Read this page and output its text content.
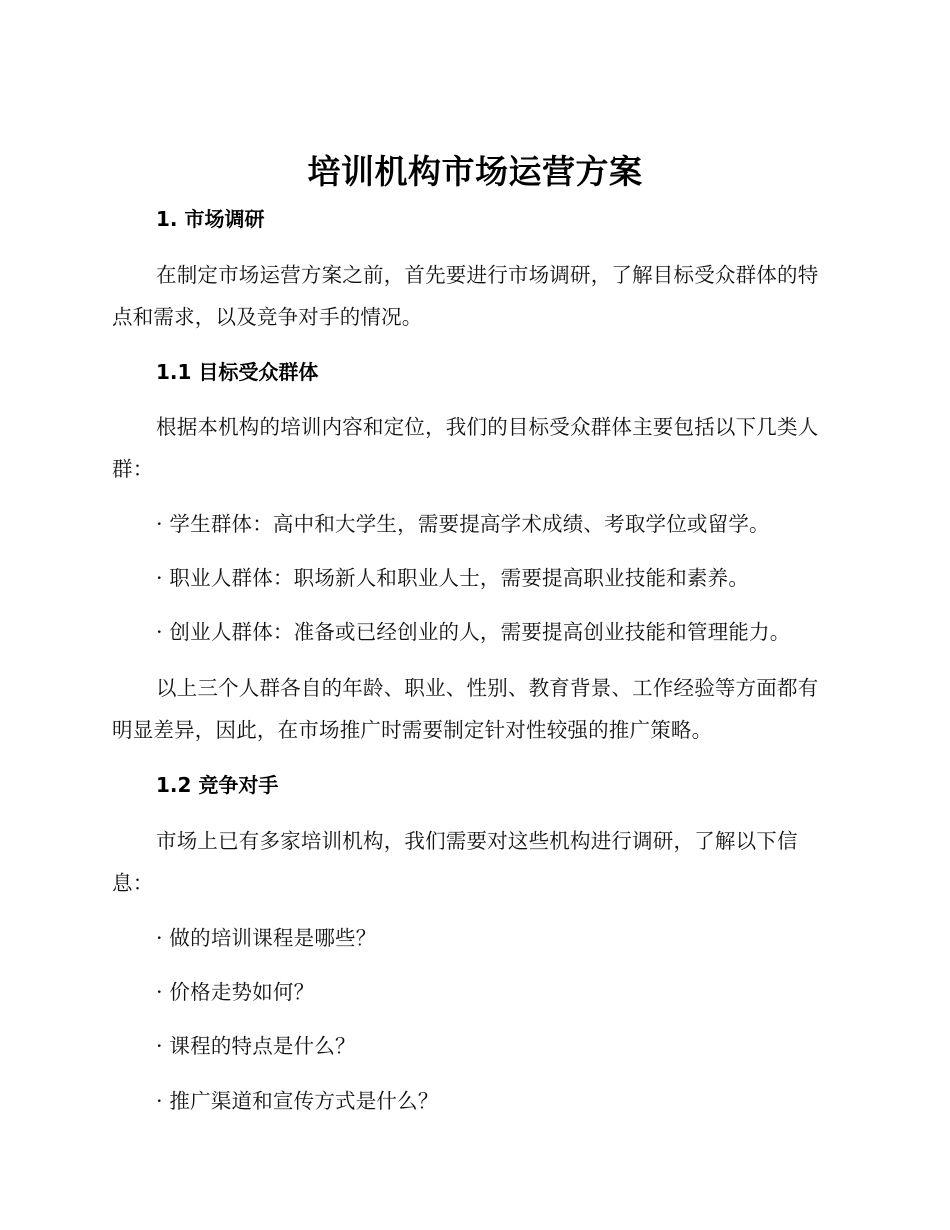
培训机构市场运营方案
1. 市场调研
在制定市场运营方案之前，首先要进行市场调研，了解目标受众群体的特点和需求，以及竞争对手的情况。
1.1 目标受众群体
根据本机构的培训内容和定位，我们的目标受众群体主要包括以下几类人群：
· 学生群体：高中和大学生，需要提高学术成绩、考取学位或留学。
· 职业人群体：职场新人和职业人士，需要提高职业技能和素养。
· 创业人群体：准备或已经创业的人，需要提高创业技能和管理能力。
以上三个人群各自的年龄、职业、性别、教育背景、工作经验等方面都有明显差异，因此，在市场推广时需要制定针对性较强的推广策略。
1.2 竞争对手
市场上已有多家培训机构，我们需要对这些机构进行调研，了解以下信息：
· 做的培训课程是哪些？
· 价格走势如何？
· 课程的特点是什么？
· 推广渠道和宣传方式是什么？
